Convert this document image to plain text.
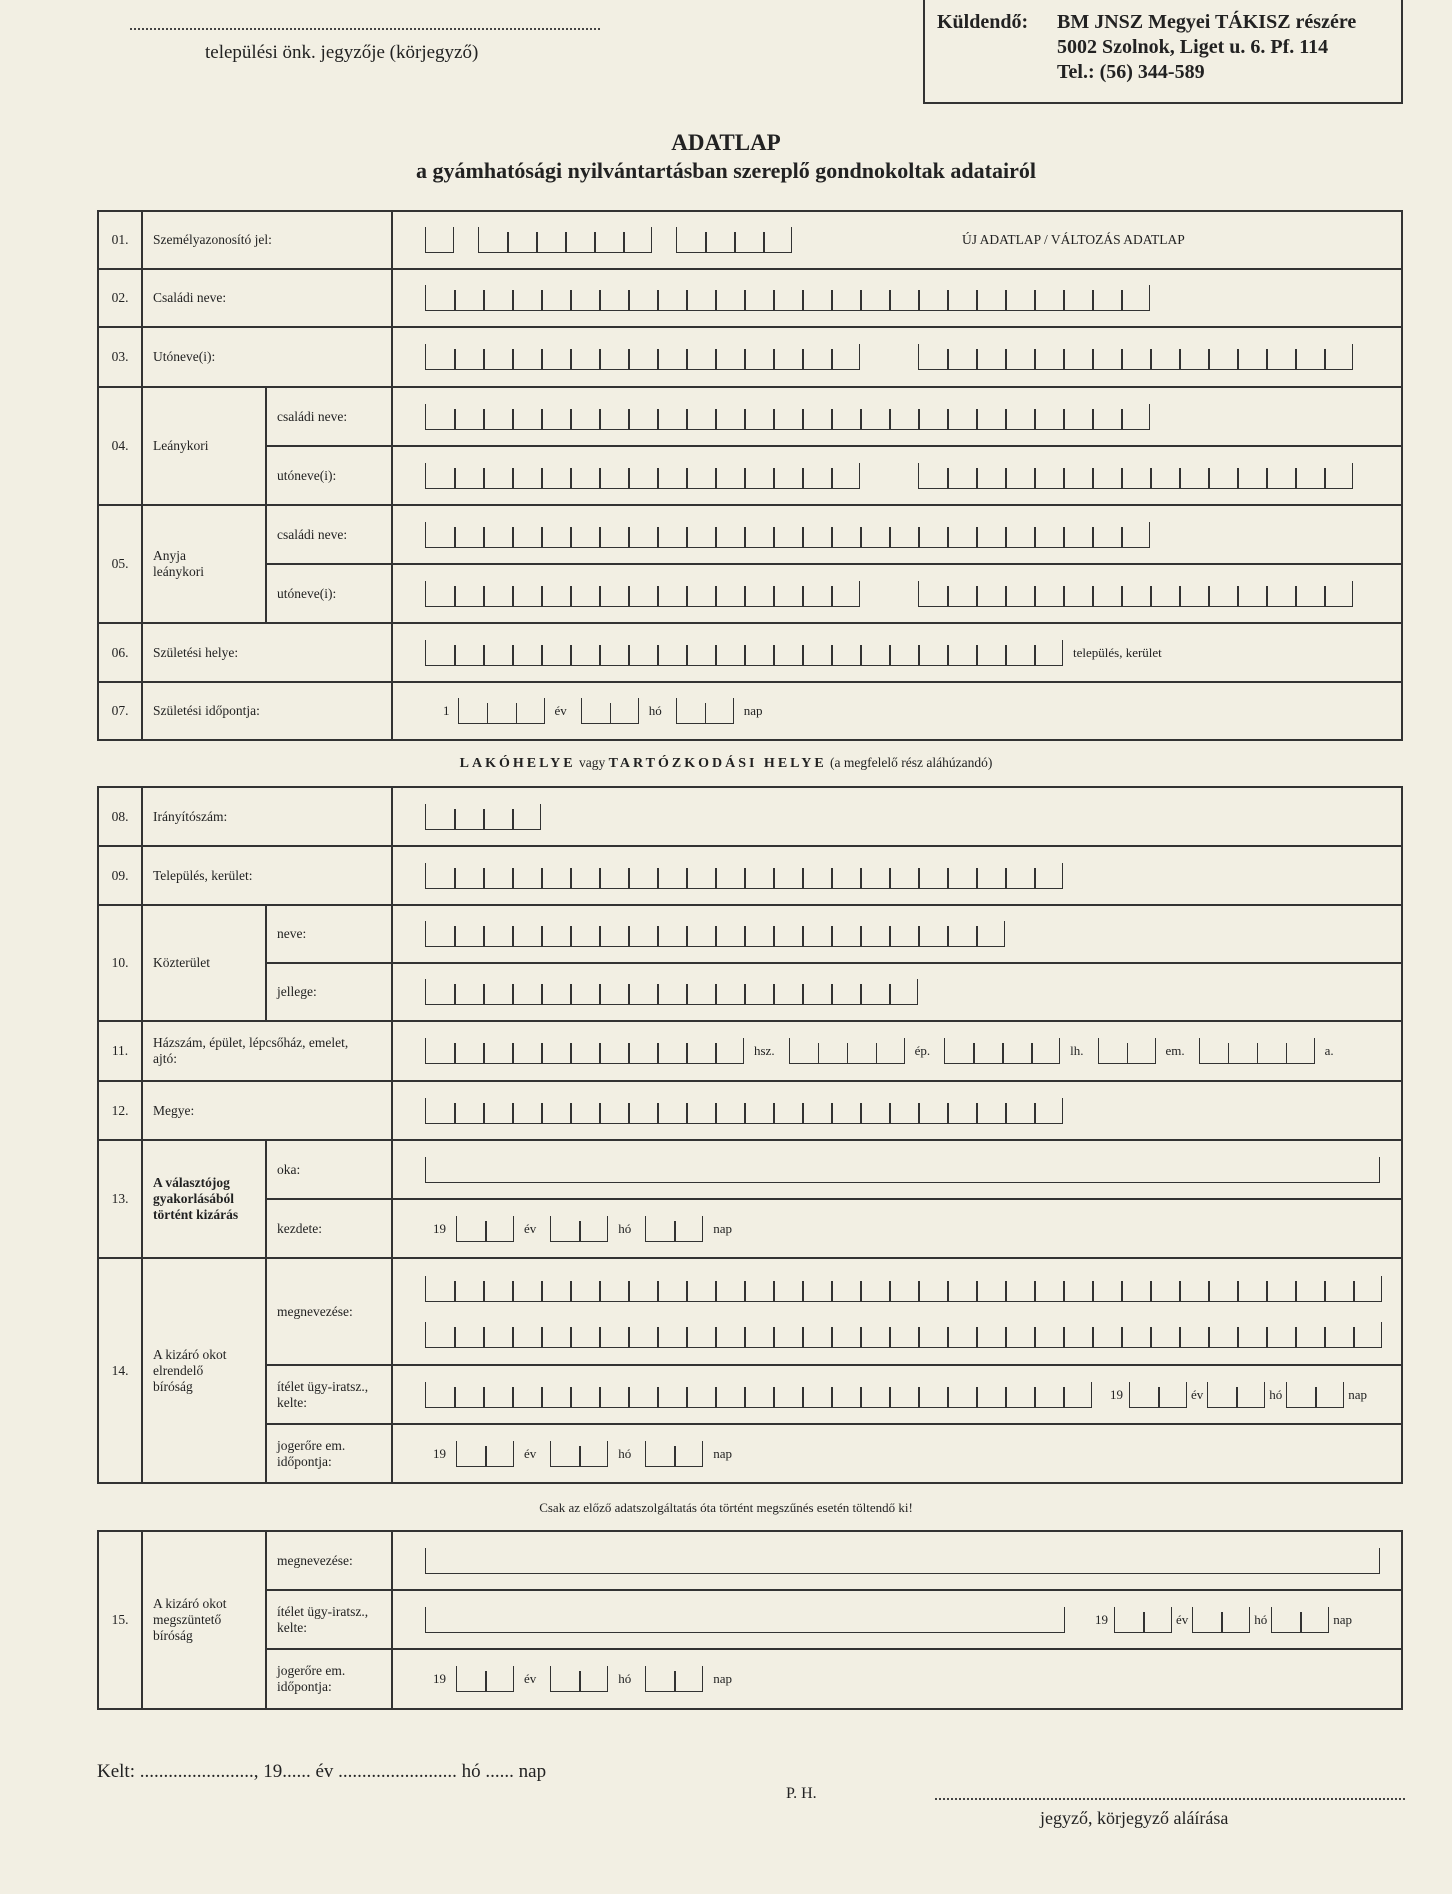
települési önk. jegyzője (körjegyző)
Küldendő: BM JNSZ Megyei TÁKISZ részére
5002 Szolnok, Liget u. 6. Pf. 114
Tel.: (56) 344-589
ADATLAP
a gyámhatósági nyilvántartásban szereplő gondnokoltak adatairól
01.	Személyazonosító jel:		ÚJ ADATLAP / VÁLTOZÁS ADATLAP

02.	Családi neve:		

03.	Utóneve(i):		

04.	Leánykori	családi neve:	

		utóneve(i):	

05.	Anyja leánykori	családi neve:	

		utóneve(i):	

06.	Születési helye:		település, kerület

07.	Születési időpontja:		1 év hó nap
LAKÓHELYE vagy TARTÓZKODÁSI HELYE (a megfelelő rész aláhúzandó)
08.	Irányítószám:		

09.	Település, kerület:		

10.	Közterület	neve:	

		jellege:	

11.	Házszám, épület, lépcsőház, emelet, ajtó:		hsz. ép. lh. em. a.

12.	Megye:		

13.	A választójog gyakorlásából történt kizárás	oka:	

		kezdete:	19 év hó nap

14.	A kizáró okot elrendelő bíróság	megnevezése:	

		ítélet ügy-iratsz., kelte:	19 év hó nap

		jogerőre em. időpontja:	19 év hó nap
Csak az előző adatszolgáltatás óta történt megszűnés esetén töltendő ki!
15.	A kizáró okot megszüntető bíróság	megnevezése:	

		ítélet ügy-iratsz., kelte:	19 év hó nap

		jogerőre em. időpontja:	19 év hó nap
Kelt: ........................, 19...... év ......................... hó ...... nap
P. H.
jegyző, körjegyző aláírása
